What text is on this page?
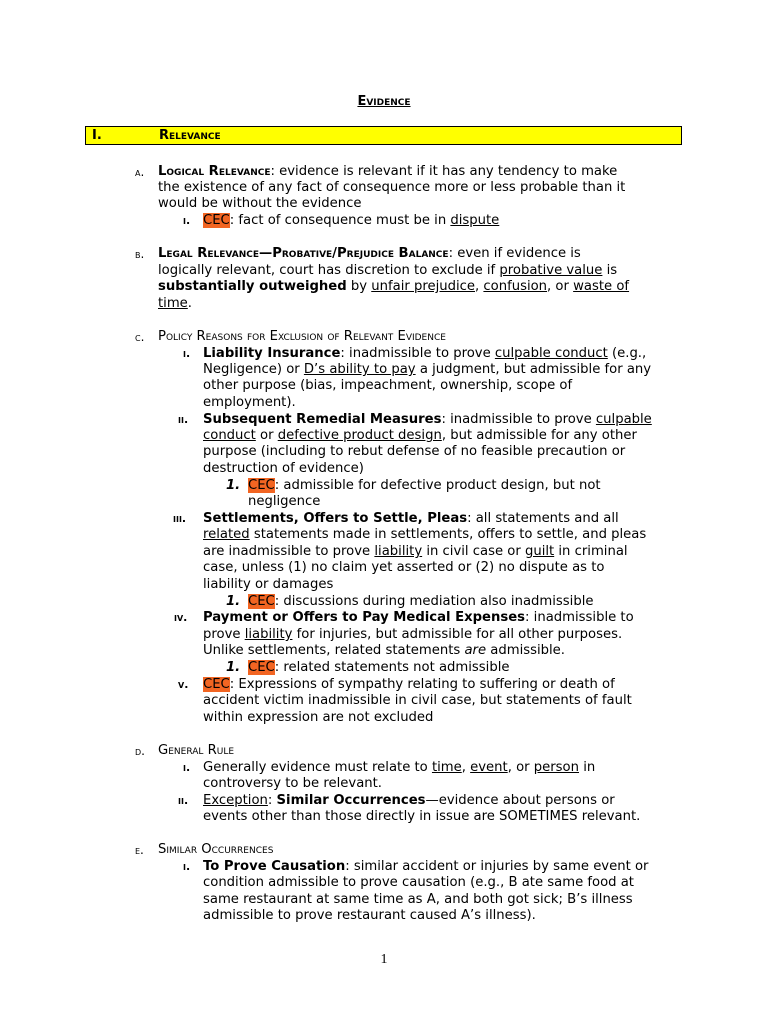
Evidence
I.	Relevance
a. Logical Relevance: evidence is relevant if it has any tendency to make
the existence of any fact of consequence more or less probable than it
would be without the evidence
i. CEC: fact of consequence must be in dispute
b. Legal Relevance—Probative/Prejudice Balance: even if evidence is
logically relevant, court has discretion to exclude if probative value is
substantially outweighed by unfair prejudice, confusion, or waste of
time.
c. Policy Reasons for Exclusion of Relevant Evidence
i. Liability Insurance: inadmissible to prove culpable conduct (e.g.,
Negligence) or D’s ability to pay a judgment, but admissible for any
other purpose (bias, impeachment, ownership, scope of
employment).
ii. Subsequent Remedial Measures: inadmissible to prove culpable
conduct or defective product design, but admissible for any other
purpose (including to rebut defense of no feasible precaution or
destruction of evidence)
1. CEC: admissible for defective product design, but not
negligence
iii. Settlements, Offers to Settle, Pleas: all statements and all
related statements made in settlements, offers to settle, and pleas
are inadmissible to prove liability in civil case or guilt in criminal
case, unless (1) no claim yet asserted or (2) no dispute as to
liability or damages
1. CEC: discussions during mediation also inadmissible
iv. Payment or Offers to Pay Medical Expenses: inadmissible to
prove liability for injuries, but admissible for all other purposes.
Unlike settlements, related statements are admissible.
1. CEC: related statements not admissible
v. CEC: Expressions of sympathy relating to suffering or death of
accident victim inadmissible in civil case, but statements of fault
within expression are not excluded
d. General Rule
i. Generally evidence must relate to time, event, or person in
controversy to be relevant.
ii. Exception: Similar Occurrences—evidence about persons or
events other than those directly in issue are SOMETIMES relevant.
e. Similar Occurrences
i. To Prove Causation: similar accident or injuries by same event or
condition admissible to prove causation (e.g., B ate same food at
same restaurant at same time as A, and both got sick; B’s illness
admissible to prove restaurant caused A’s illness).
1
